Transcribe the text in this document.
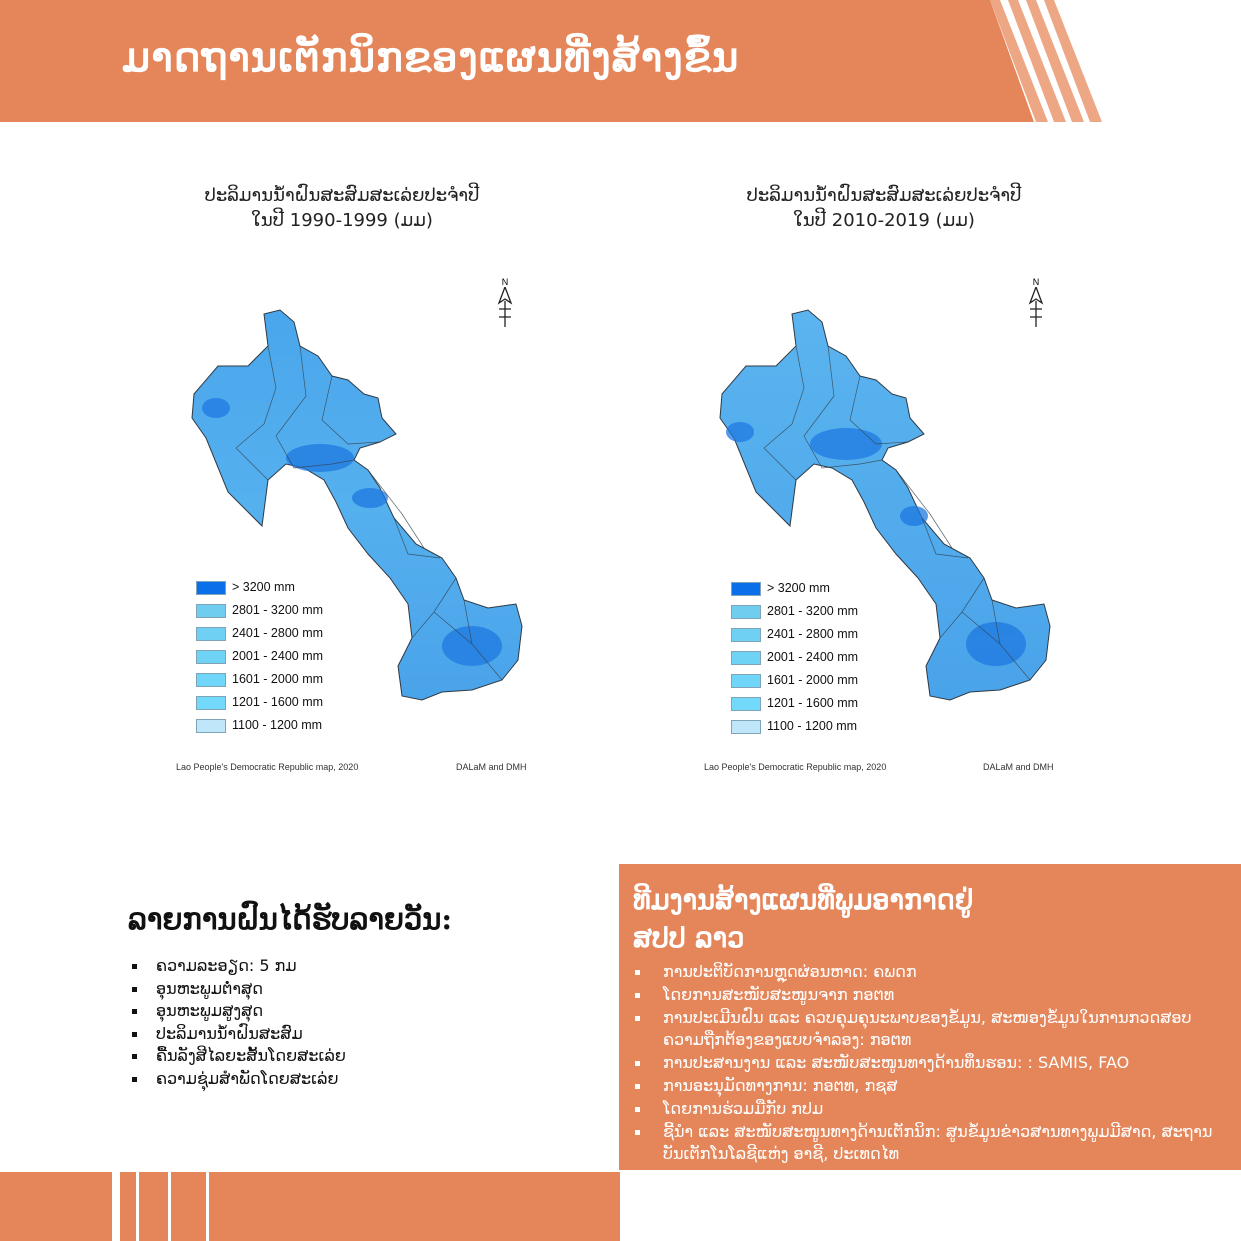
ມາດຖານເຕັກນິກຂອງແຜນທີ່ງສ້າງຂຶ້ນ
ປະລິມານນ້ຳຝົນສະສົມສະເລ່ຍປະຈຳປີ
ໃນປີ 1990-1999 (ມມ)
N
> 3200 mm
2801 - 3200 mm
2401 - 2800 mm
2001 - 2400 mm
1601 - 2000 mm
1201 - 1600 mm
1100 - 1200 mm
Lao People's Democratic Republic map, 2020	DALaM and DMH
ປະລິມານນ້ຳຝົນສະສົມສະເລ່ຍປະຈຳປີ
ໃນປີ 2010-2019 (ມມ)
N
> 3200 mm
2801 - 3200 mm
2401 - 2800 mm
2001 - 2400 mm
1601 - 2000 mm
1201 - 1600 mm
1100 - 1200 mm
Lao People's Democratic Republic map, 2020	DALaM and DMH
ລາຍການຝົນໄດ້ຮັບລາຍວັນ:
ຄວາມລະອຽດ: 5 ກມ
ອຸນຫະພູມຕ່ຳສຸດ
ອຸນຫະພູມສູງສຸດ
ປະລິມານນ້ຳຝົນສະສົມ
ຄື້ນລັງສີໄລຍະສັ້ນໂດຍສະເລ່ຍ
ຄວາມຊຸ່ມສຳພັດໂດຍສະເລ່ຍ
ທີມງານສ້າງແຜນທີ່ພູມອາກາດຢູ່
ສປປ ລາວ
ການປະຕິບັດການຫຼຸດຜ່ອນຫາດ: ຄພດກ
ໂດຍການສະໜັບສະໜູນຈາກ ກອຕທ
ການປະເມີນຝົນ ແລະ ຄວບຄຸມຄຸນະພາບຂອງຂໍ້ມູນ, ສະໜອງຂໍ້ມູນໃນການກວດສອບຄວາມຖືກຕ້ອງຂອງແບບຈຳລອງ: ກອຕທ
ການປະສານງານ ແລະ ສະໜັບສະໜູນທາງດ້ານທຶນຮອນ: : SAMIS, FAO
ການອະນຸມັດທາງການ: ກອຕທ, ກຊສ
ໂດຍການຮ່ວມມືກັບ ກປມ
ຊີ້ນຳ ແລະ ສະໜັບສະໜູນທາງດ້ານເຕັກນິກ: ສູນຂໍ້ມູນຂ່າວສານທາງພູມມີສາດ, ສະຖານບັນເຕັກໂນໂລຊີແຫ່ງ ອາຊີ, ປະເທດໄທ
